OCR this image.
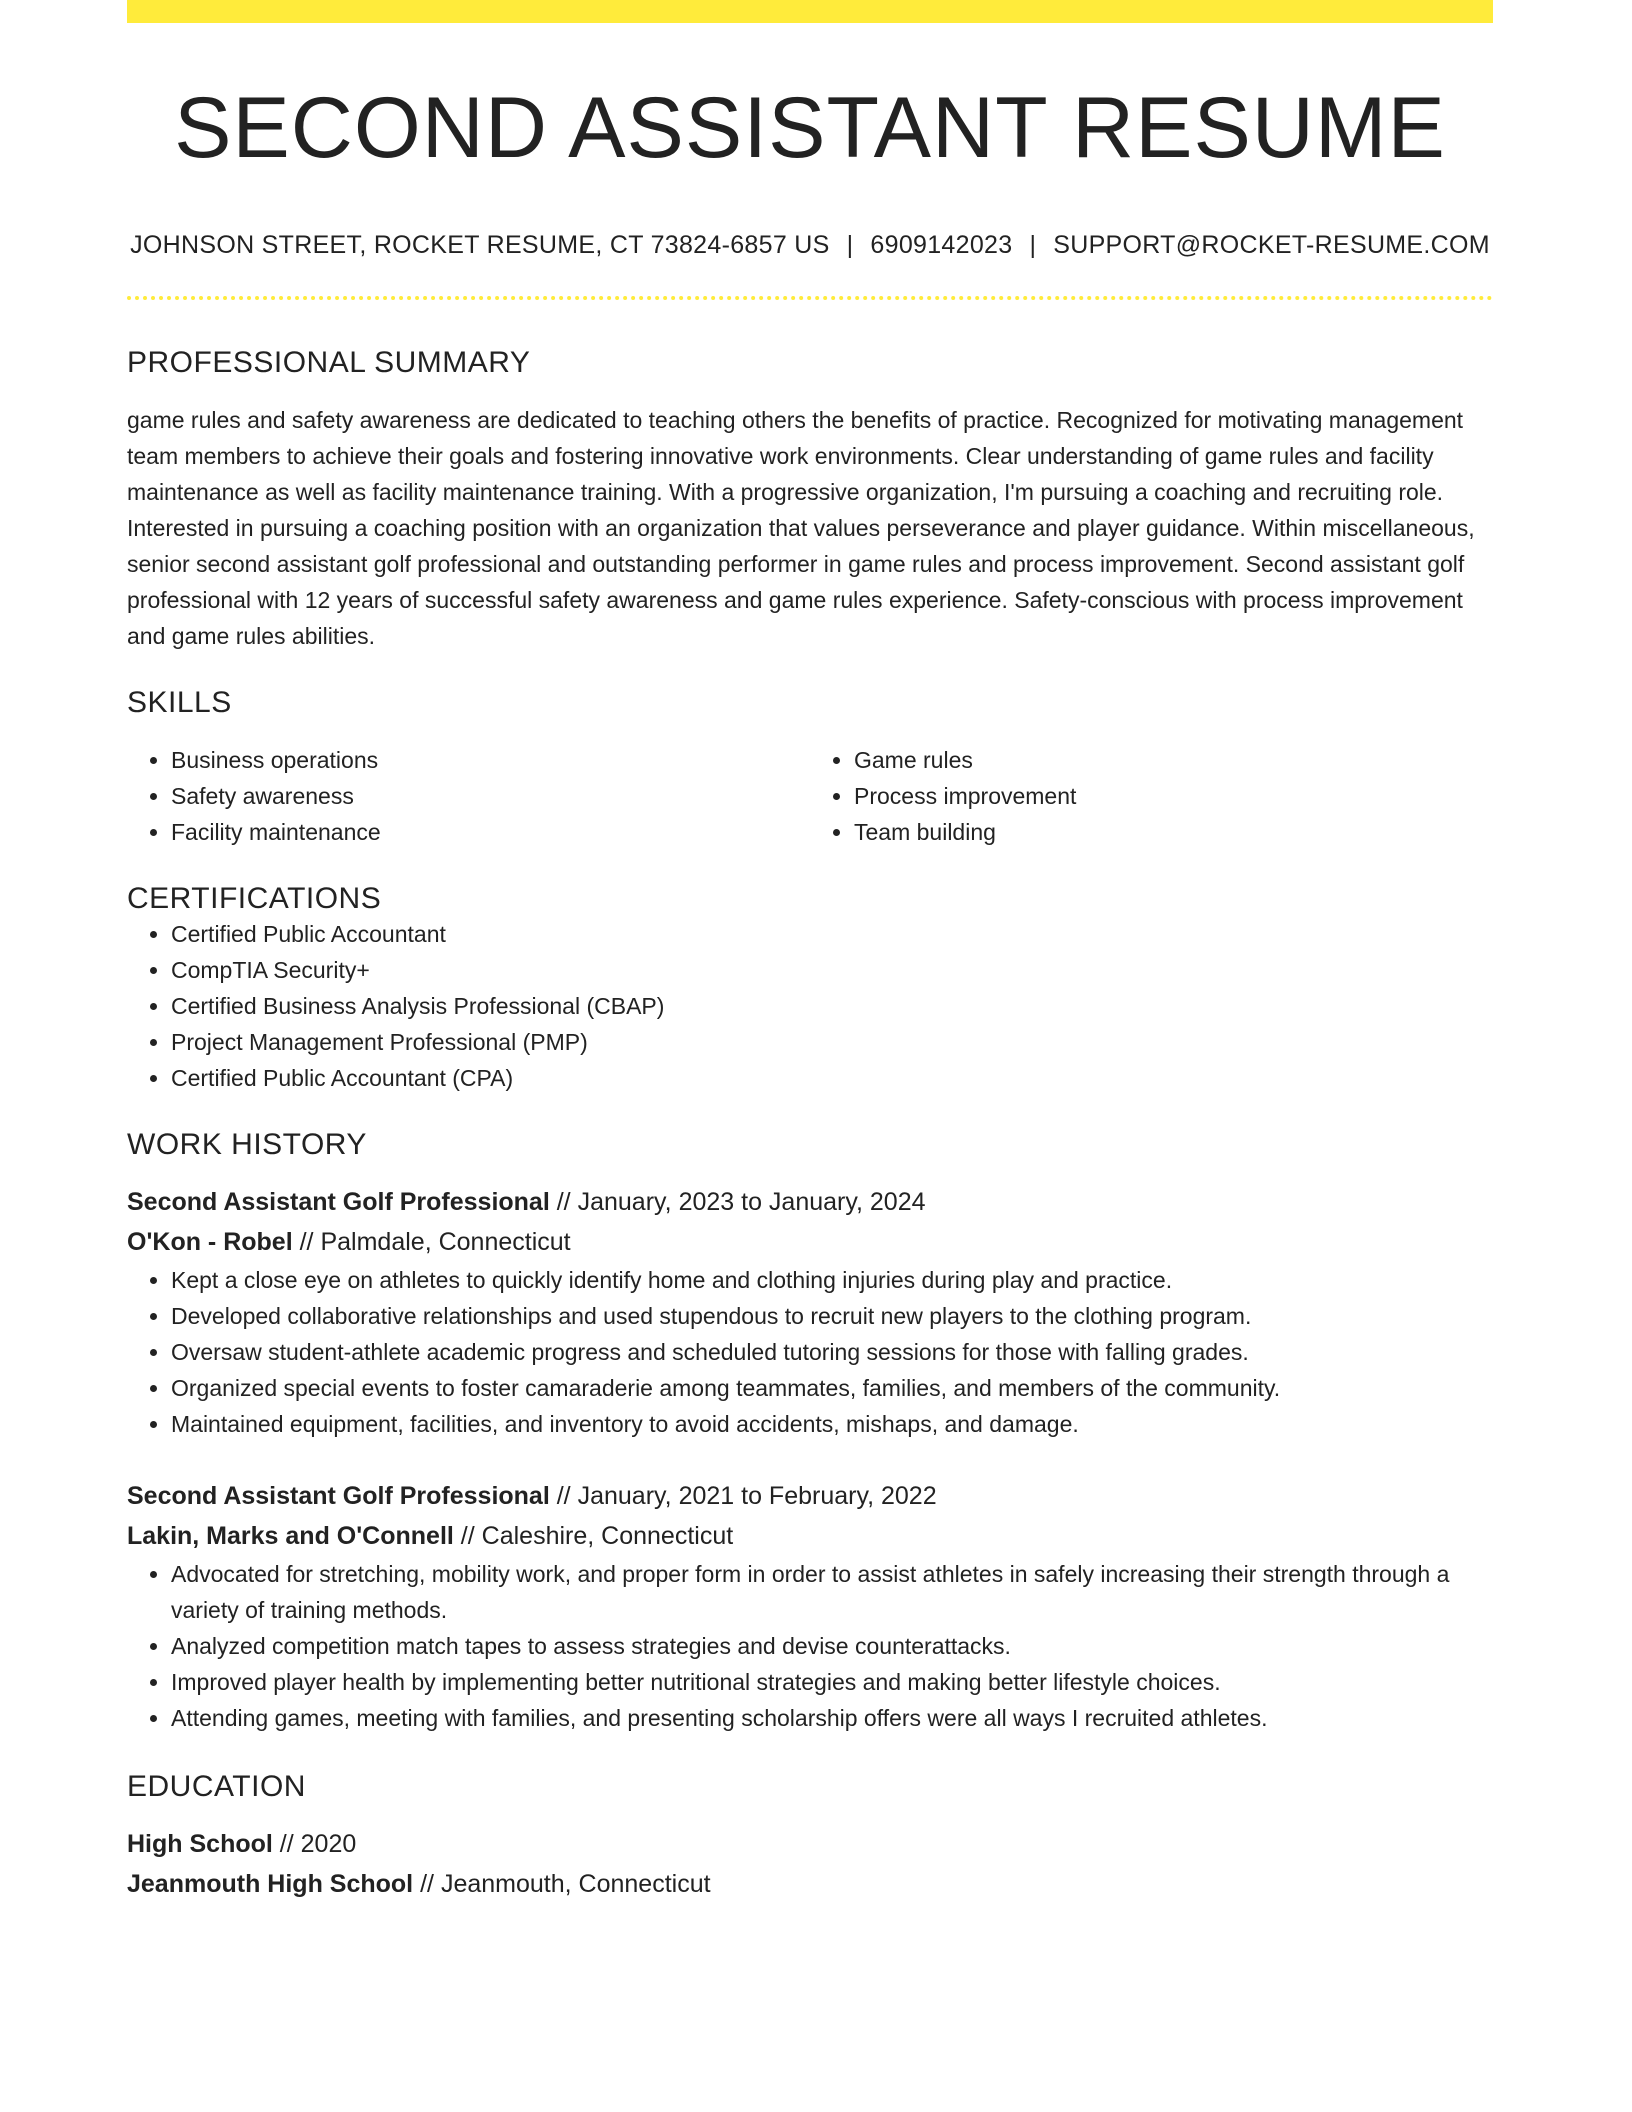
SECOND ASSISTANT RESUME
JOHNSON STREET, ROCKET RESUME, CT 73824-6857 US | 6909142023 | SUPPORT@ROCKET-RESUME.COM
PROFESSIONAL SUMMARY

game rules and safety awareness are dedicated to teaching others the benefits of practice. Recognized for motivating management team members to achieve their goals and fostering innovative work environments. Clear understanding of game rules and facility maintenance as well as facility maintenance training. With a progressive organization, I'm pursuing a coaching and recruiting role. Interested in pursuing a coaching position with an organization that values perseverance and player guidance. Within miscellaneous, senior second assistant golf professional and outstanding performer in game rules and process improvement. Second assistant golf professional with 12 years of successful safety awareness and game rules experience. Safety-conscious with process improvement and game rules abilities.

SKILLS
• Business operations
• Safety awareness
• Facility maintenance
• Game rules
• Process improvement
• Team building
CERTIFICATIONS
• Certified Public Accountant
• CompTIA Security+
• Certified Business Analysis Professional (CBAP)
• Project Management Professional (PMP)
• Certified Public Accountant (CPA)
WORK HISTORY
Second Assistant Golf Professional // January, 2023 to January, 2024
O'Kon - Robel // Palmdale, Connecticut
• Kept a close eye on athletes to quickly identify home and clothing injuries during play and practice.
• Developed collaborative relationships and used stupendous to recruit new players to the clothing program.
• Oversaw student-athlete academic progress and scheduled tutoring sessions for those with falling grades.
• Organized special events to foster camaraderie among teammates, families, and members of the community.
• Maintained equipment, facilities, and inventory to avoid accidents, mishaps, and damage.
Second Assistant Golf Professional // January, 2021 to February, 2022
Lakin, Marks and O'Connell // Caleshire, Connecticut
• Advocated for stretching, mobility work, and proper form in order to assist athletes in safely increasing their strength through a variety of training methods.
• Analyzed competition match tapes to assess strategies and devise counterattacks.
• Improved player health by implementing better nutritional strategies and making better lifestyle choices.
• Attending games, meeting with families, and presenting scholarship offers were all ways I recruited athletes.
EDUCATION
High School // 2020
Jeanmouth High School // Jeanmouth, Connecticut
